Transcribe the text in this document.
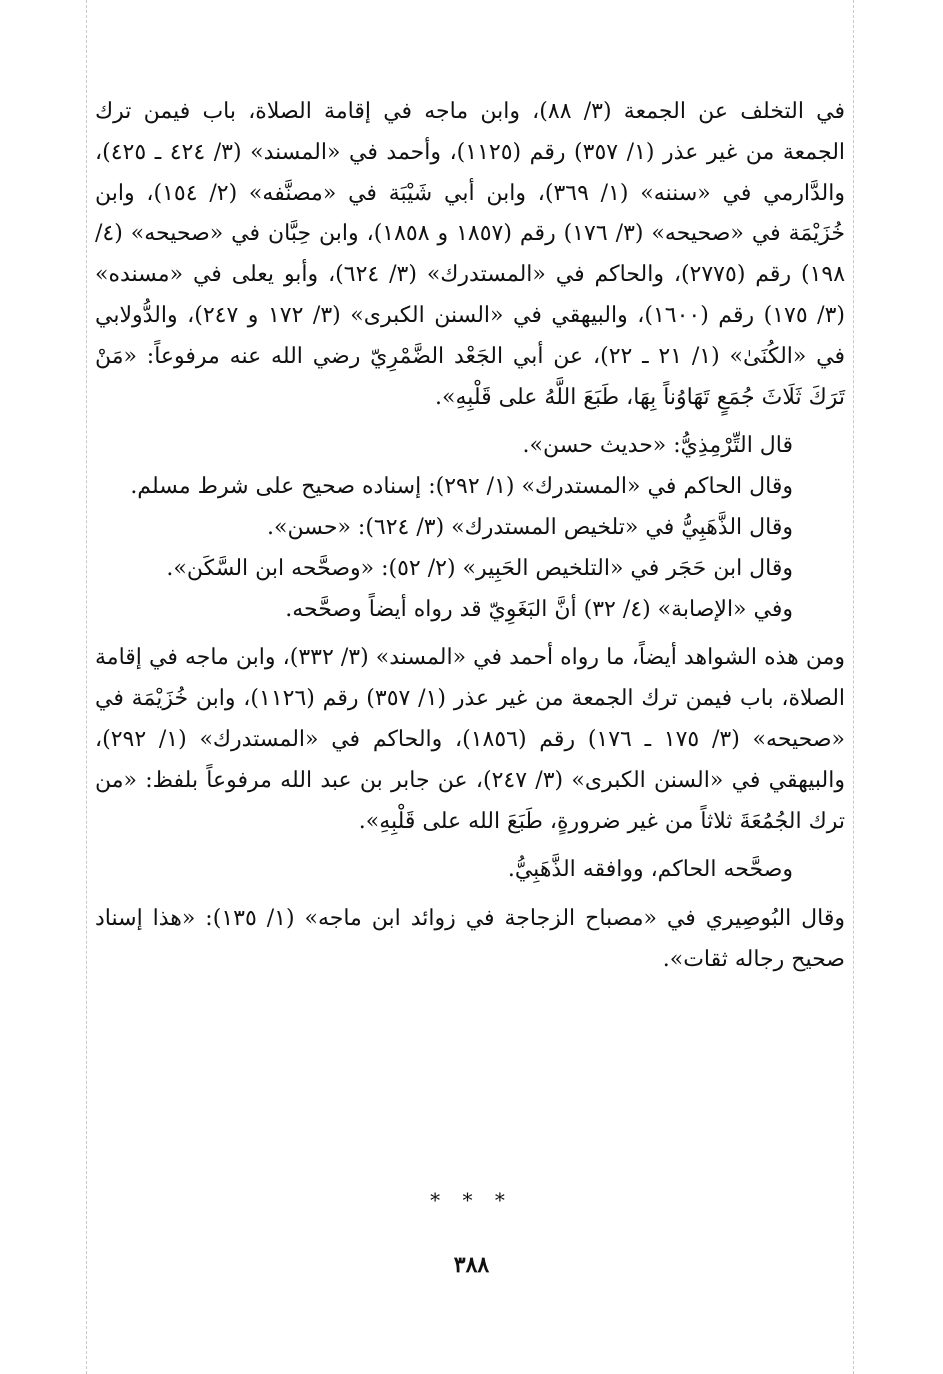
في التخلف عن الجمعة (٣/ ٨٨)، وابن ماجه في إقامة الصلاة، باب فيمن ترك الجمعة من غير عذر (١/ ٣٥٧) رقم (١١٢٥)، وأحمد في «المسند» (٣/ ٤٢٤ ـ ٤٢٥)، والدَّارمي في «سننه» (١/ ٣٦٩)، وابن أبي شَيْبَة في «مصنَّفه» (٢/ ١٥٤)، وابن خُزَيْمَة في «صحيحه» (٣/ ١٧٦) رقم (١٨٥٧ و ١٨٥٨)، وابن حِبَّان في «صحيحه» (٤/ ١٩٨) رقم (٢٧٧٥)، والحاكم في «المستدرك» (٣/ ٦٢٤)، وأبو يعلى في «مسنده» (٣/ ١٧٥) رقم (١٦٠٠)، والبيهقي في «السنن الكبرى» (٣/ ١٧٢ و ٢٤٧)، والدُّولابي في «الكُنَىٰ» (١/ ٢١ ـ ٢٢)، عن أبي الجَعْد الضَّمْرِيّ رضي الله عنه مرفوعاً: «مَنْ تَرَكَ ثَلَاثَ جُمَعٍ تَهَاوُناً بِهَا، طَبَعَ اللَّهُ على قَلْبِهِ».

قال التِّرْمِذِيُّ: «حديث حسن».

وقال الحاكم في «المستدرك» (١/ ٢٩٢): إسناده صحيح على شرط مسلم.

وقال الذَّهَبِيُّ في «تلخيص المستدرك» (٣/ ٦٢٤): «حسن».

وقال ابن حَجَر في «التلخيص الحَبِير» (٢/ ٥٢): «وصحَّحه ابن السَّكَن».

وفي «الإصابة» (٤/ ٣٢) أنَّ البَغَوِيّ قد رواه أيضاً وصحَّحه.

ومن هذه الشواهد أيضاً، ما رواه أحمد في «المسند» (٣/ ٣٣٢)، وابن ماجه في إقامة الصلاة، باب فيمن ترك الجمعة من غير عذر (١/ ٣٥٧) رقم (١١٢٦)، وابن خُزَيْمَة في «صحيحه» (٣/ ١٧٥ ـ ١٧٦) رقم (١٨٥٦)، والحاكم في «المستدرك» (١/ ٢٩٢)، والبيهقي في «السنن الكبرى» (٣/ ٢٤٧)، عن جابر بن عبد الله مرفوعاً بلفظ: «من ترك الجُمُعَةَ ثلاثاً من غير ضرورةٍ، طَبَعَ الله على قَلْبِهِ».

وصحَّحه الحاكم، ووافقه الذَّهَبِيُّ.

وقال البُوصِيري في «مصباح الزجاجة في زوائد ابن ماجه» (١/ ١٣٥): «هذا إسناد صحيح رجاله ثقات».

* * *
٣٨٨
